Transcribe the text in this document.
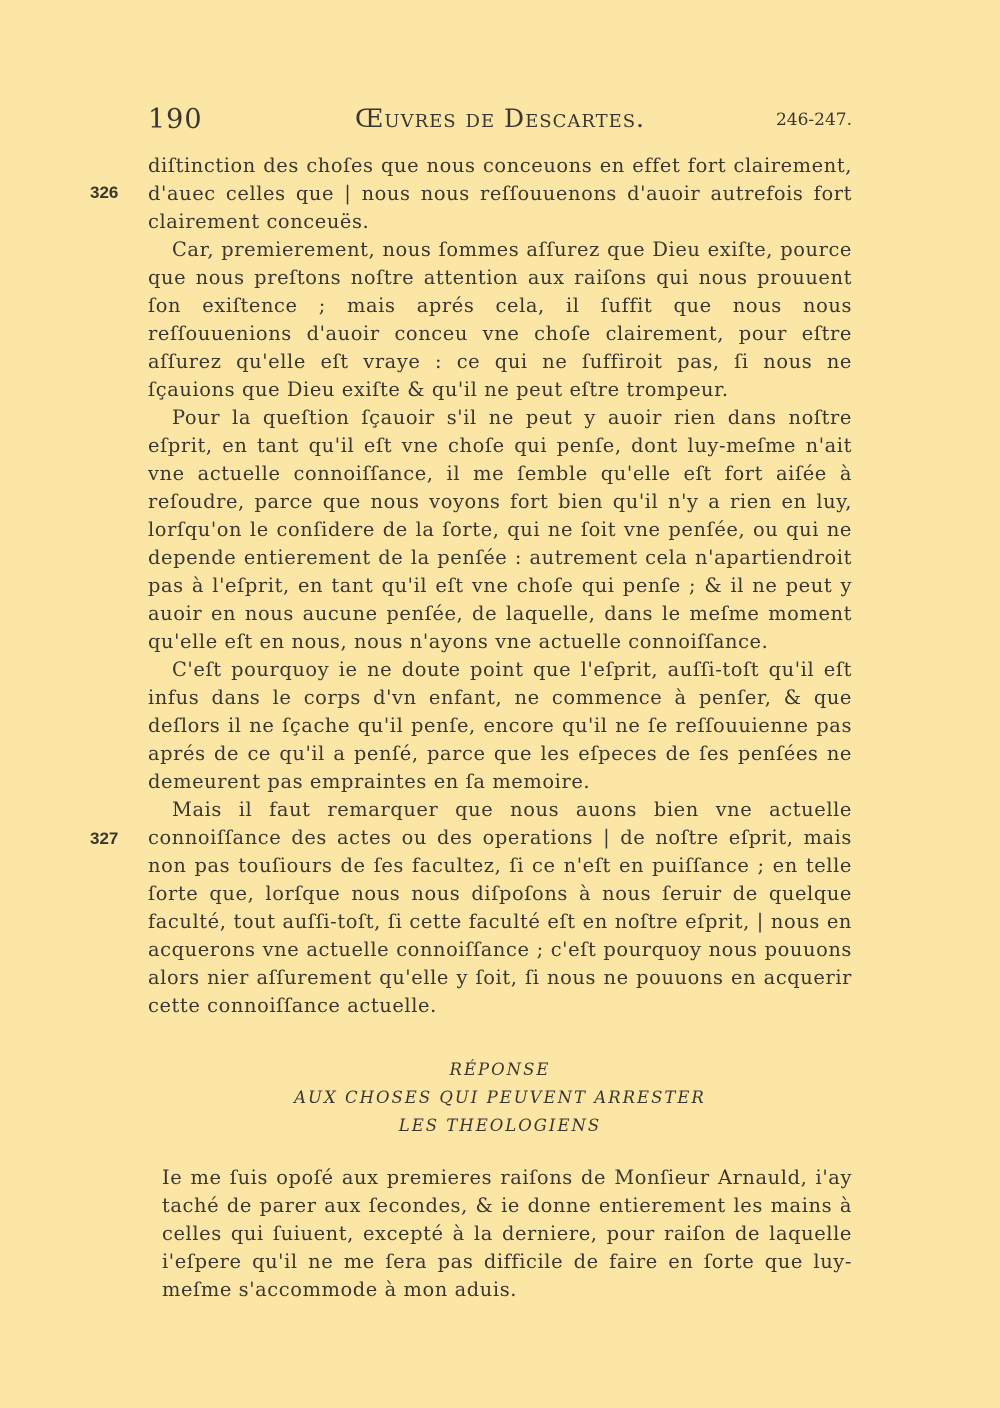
190	Œuvres de Descartes.	246-247.
326
327

diſtinction des choſes que nous conceuons en effet fort clairement, d'auec celles que | nous nous reſſouuenons d'auoir autrefois fort clairement conceuës.

Car, premierement, nous ſommes aſſurez que Dieu exiſte, pource que nous preſtons noſtre attention aux raiſons qui nous prouuent ſon exiſtence ; mais aprés cela, il ſuffit que nous nous reſſouuenions d'auoir conceu vne choſe clairement, pour eſtre aſſurez qu'elle eſt vraye : ce qui ne ſuffiroit pas, ſi nous ne ſçauions que Dieu exiſte & qu'il ne peut eſtre trompeur.

Pour la queſtion ſçauoir s'il ne peut y auoir rien dans noſtre eſprit, en tant qu'il eſt vne choſe qui penſe, dont luy-meſme n'ait vne actuelle connoiſſance, il me ſemble qu'elle eſt fort aiſée à reſoudre, parce que nous voyons fort bien qu'il n'y a rien en luy, lorſqu'on le conſidere de la ſorte, qui ne ſoit vne penſée, ou qui ne depende entierement de la penſée : autrement cela n'apartiendroit pas à l'eſprit, en tant qu'il eſt vne choſe qui penſe ; & il ne peut y auoir en nous aucune penſée, de laquelle, dans le meſme moment qu'elle eſt en nous, nous n'ayons vne actuelle connoiſſance.

C'eſt pourquoy ie ne doute point que l'eſprit, auſſi-toſt qu'il eſt infus dans le corps d'vn enfant, ne commence à penſer, & que deſlors il ne ſçache qu'il penſe, encore qu'il ne ſe reſſouuienne pas aprés de ce qu'il a penſé, parce que les eſpeces de ſes penſées ne demeurent pas empraintes en ſa memoire.

Mais il faut remarquer que nous auons bien vne actuelle connoiſſance des actes ou des operations | de noſtre eſprit, mais non pas touſiours de ſes facultez, ſi ce n'eſt en puiſſance ; en telle ſorte que, lorſque nous nous diſpoſons à nous ſeruir de quelque faculté, tout auſſi-toſt, ſi cette faculté eſt en noſtre eſprit, | nous en acquerons vne actuelle connoiſſance ; c'eſt pourquoy nous pouuons alors nier aſſurement qu'elle y ſoit, ſi nous ne pouuons en acquerir cette connoiſſance actuelle.

RÉPONSE
AUX CHOSES QUI PEUVENT ARRESTER
LES THEOLOGIENS

Ie me ſuis opoſé aux premieres raiſons de Monſieur Arnauld, i'ay taché de parer aux ſecondes, & ie donne entierement les mains à celles qui ſuiuent, excepté à la derniere, pour raiſon de laquelle i'eſpere qu'il ne me ſera pas difficile de faire en ſorte que luy-meſme s'accommode à mon aduis.
